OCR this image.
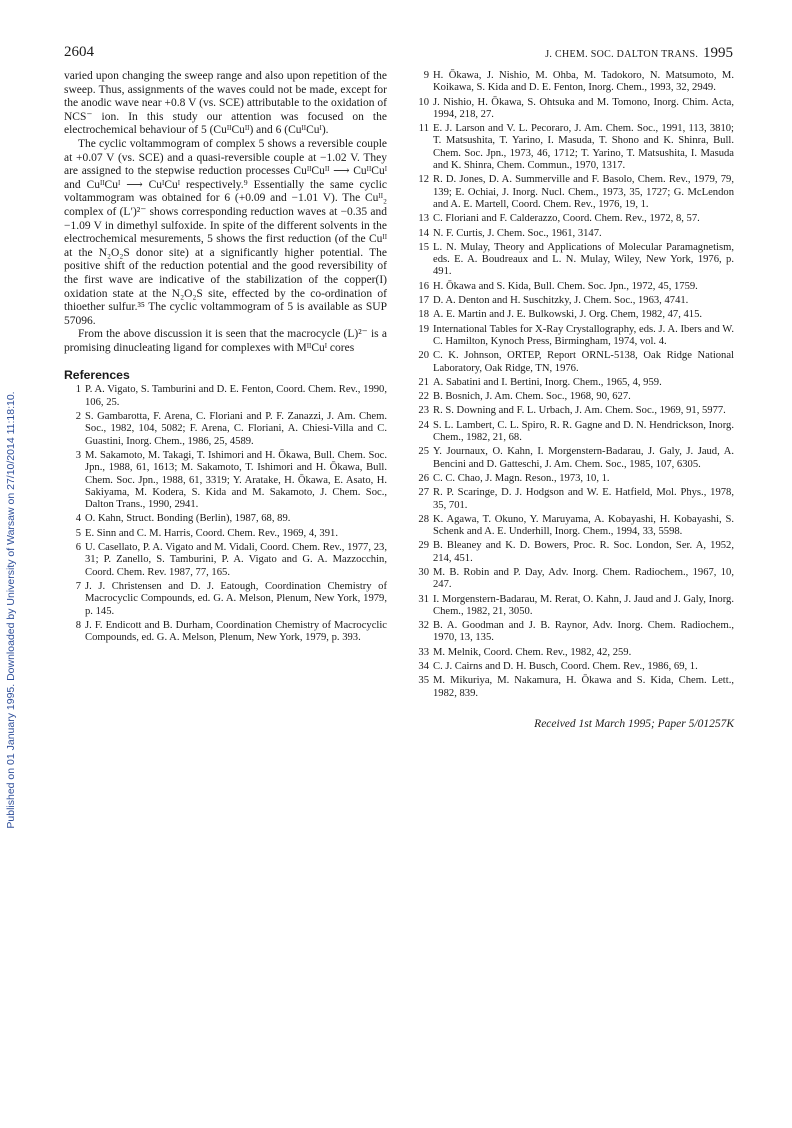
2604	J. CHEM. SOC. DALTON TRANS. 1995
Published on 01 January 1995. Downloaded by University of Warsaw on 27/10/2014 11:18:10.

varied upon changing the sweep range and also upon repetition of the sweep. Thus, assignments of the waves could not be made, except for the anodic wave near +0.8 V (vs. SCE) attributable to the oxidation of NCS⁻ ion. In this study our attention was focused on the electrochemical behaviour of 5 (CuᴵᴵCuᴵᴵ) and 6 (CuᴵᴵCuᴵ).

The cyclic voltammogram of complex 5 shows a reversible couple at +0.07 V (vs. SCE) and a quasi-reversible couple at −1.02 V. They are assigned to the stepwise reduction processes CuᴵᴵCuᴵᴵ ⟶ CuᴵᴵCuᴵ and CuᴵᴵCuᴵ ⟶ CuᴵCuᴵ respectively.⁹ Essentially the same cyclic voltammogram was obtained for 6 (+0.09 and −1.01 V). The Cuᴵᴵ₂ complex of (L′)²⁻ shows corresponding reduction waves at −0.35 and −1.09 V in dimethyl sulfoxide. In spite of the different solvents in the electrochemical mesurements, 5 shows the first reduction (of the Cuᴵᴵ at the N₂O₂S donor site) at a significantly higher potential. The positive shift of the reduction potential and the good reversibility of the first wave are indicative of the stabilization of the copper(I) oxidation state at the N₂O₂S site, effected by the co-ordination of thioether sulfur.³⁵ The cyclic voltammogram of 5 is available as SUP 57096.

From the above discussion it is seen that the macrocycle (L)²⁻ is a promising dinucleating ligand for complexes with MᴵᴵCuᴵ cores

References
1 P. A. Vigato, S. Tamburini and D. E. Fenton, Coord. Chem. Rev., 1990, 106, 25.
2 S. Gambarotta, F. Arena, C. Floriani and P. F. Zanazzi, J. Am. Chem. Soc., 1982, 104, 5082; F. Arena, C. Floriani, A. Chiesi-Villa and C. Guastini, Inorg. Chem., 1986, 25, 4589.
3 M. Sakamoto, M. Takagi, T. Ishimori and H. Ōkawa, Bull. Chem. Soc. Jpn., 1988, 61, 1613; M. Sakamoto, T. Ishimori and H. Ōkawa, Bull. Chem. Soc. Jpn., 1988, 61, 3319; Y. Aratake, H. Ōkawa, E. Asato, H. Sakiyama, M. Kodera, S. Kida and M. Sakamoto, J. Chem. Soc., Dalton Trans., 1990, 2941.
4 O. Kahn, Struct. Bonding (Berlin), 1987, 68, 89.
5 E. Sinn and C. M. Harris, Coord. Chem. Rev., 1969, 4, 391.
6 U. Casellato, P. A. Vigato and M. Vidali, Coord. Chem. Rev., 1977, 23, 31; P. Zanello, S. Tamburini, P. A. Vigato and G. A. Mazzocchin, Coord. Chem. Rev. 1987, 77, 165.
7 J. J. Christensen and D. J. Eatough, Coordination Chemistry of Macrocyclic Compounds, ed. G. A. Melson, Plenum, New York, 1979, p. 145.
8 J. F. Endicott and B. Durham, Coordination Chemistry of Macrocyclic Compounds, ed. G. A. Melson, Plenum, New York, 1979, p. 393.
9 H. Ōkawa, J. Nishio, M. Ohba, M. Tadokoro, N. Matsumoto, M. Koikawa, S. Kida and D. E. Fenton, Inorg. Chem., 1993, 32, 2949.
10 J. Nishio, H. Ōkawa, S. Ohtsuka and M. Tomono, Inorg. Chim. Acta, 1994, 218, 27.
11 E. J. Larson and V. L. Pecoraro, J. Am. Chem. Soc., 1991, 113, 3810; T. Matsushita, T. Yarino, I. Masuda, T. Shono and K. Shinra, Bull. Chem. Soc. Jpn., 1973, 46, 1712; T. Yarino, T. Matsushita, I. Masuda and K. Shinra, Chem. Commun., 1970, 1317.
12 R. D. Jones, D. A. Summerville and F. Basolo, Chem. Rev., 1979, 79, 139; E. Ochiai, J. Inorg. Nucl. Chem., 1973, 35, 1727; G. McLendon and A. E. Martell, Coord. Chem. Rev., 1976, 19, 1.
13 C. Floriani and F. Calderazzo, Coord. Chem. Rev., 1972, 8, 57.
14 N. F. Curtis, J. Chem. Soc., 1961, 3147.
15 L. N. Mulay, Theory and Applications of Molecular Paramagnetism, eds. E. A. Boudreaux and L. N. Mulay, Wiley, New York, 1976, p. 491.
16 H. Ōkawa and S. Kida, Bull. Chem. Soc. Jpn., 1972, 45, 1759.
17 D. A. Denton and H. Suschitzky, J. Chem. Soc., 1963, 4741.
18 A. E. Martin and J. E. Bulkowski, J. Org. Chem, 1982, 47, 415.
19 International Tables for X-Ray Crystallography, eds. J. A. Ibers and W. C. Hamilton, Kynoch Press, Birmingham, 1974, vol. 4.
20 C. K. Johnson, ORTEP, Report ORNL-5138, Oak Ridge National Laboratory, Oak Ridge, TN, 1976.
21 A. Sabatini and I. Bertini, Inorg. Chem., 1965, 4, 959.
22 B. Bosnich, J. Am. Chem. Soc., 1968, 90, 627.
23 R. S. Downing and F. L. Urbach, J. Am. Chem. Soc., 1969, 91, 5977.
24 S. L. Lambert, C. L. Spiro, R. R. Gagne and D. N. Hendrickson, Inorg. Chem., 1982, 21, 68.
25 Y. Journaux, O. Kahn, I. Morgenstern-Badarau, J. Galy, J. Jaud, A. Bencini and D. Gatteschi, J. Am. Chem. Soc., 1985, 107, 6305.
26 C. C. Chao, J. Magn. Reson., 1973, 10, 1.
27 R. P. Scaringe, D. J. Hodgson and W. E. Hatfield, Mol. Phys., 1978, 35, 701.
28 K. Agawa, T. Okuno, Y. Maruyama, A. Kobayashi, H. Kobayashi, S. Schenk and A. E. Underhill, Inorg. Chem., 1994, 33, 5598.
29 B. Bleaney and K. D. Bowers, Proc. R. Soc. London, Ser. A, 1952, 214, 451.
30 M. B. Robin and P. Day, Adv. Inorg. Chem. Radiochem., 1967, 10, 247.
31 I. Morgenstern-Badarau, M. Rerat, O. Kahn, J. Jaud and J. Galy, Inorg. Chem., 1982, 21, 3050.
32 B. A. Goodman and J. B. Raynor, Adv. Inorg. Chem. Radiochem., 1970, 13, 135.
33 M. Melnik, Coord. Chem. Rev., 1982, 42, 259.
34 C. J. Cairns and D. H. Busch, Coord. Chem. Rev., 1986, 69, 1.
35 M. Mikuriya, M. Nakamura, H. Ōkawa and S. Kida, Chem. Lett., 1982, 839.
Received 1st March 1995; Paper 5/01257K
